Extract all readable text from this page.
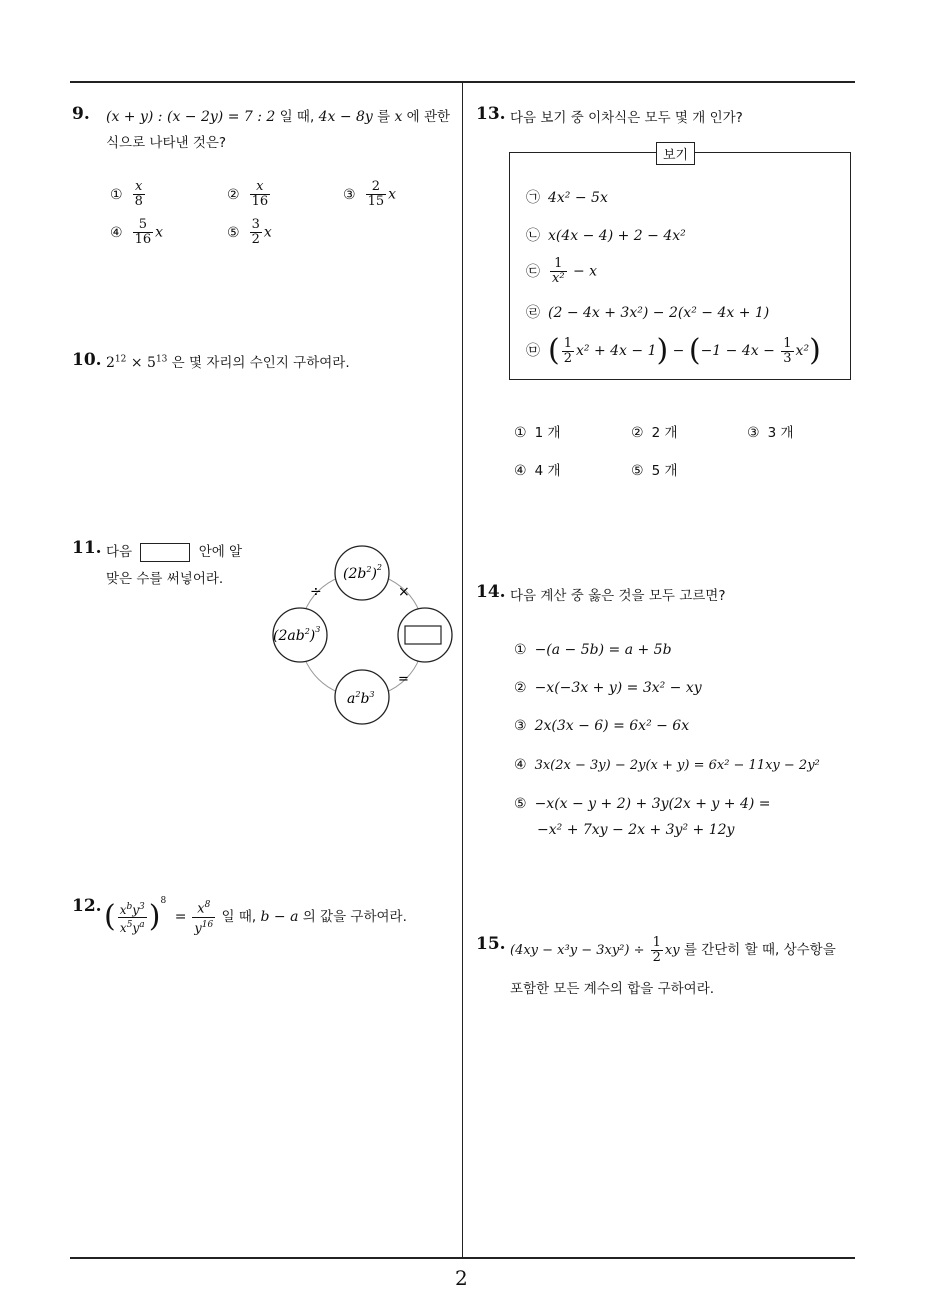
2
9. (x + y) : (x − 2y) = 7 : 2 일 때, 4x − 8y 를 x 에 관한
식으로 나타낸 것은?
① $\frac{x}{8}$	② $\frac{x}{16}$	③ $\frac{2}{15}$ x
④ $\frac{5}{16}$ x	⑤ $\frac{3}{2}$ x
10. $2^{12} \times 5^{13}$ 은 몇 자리의 수인지 구하여라.
11. 다음	안에 알
맞은 수를 써넣어라.	$(2b^2)^2$
$(2ab^2)^3$
$a^2b^3$
÷	×
=
12. ( $\frac{x^by^3}{x^5y^a} )^8 = \frac{x^8}{y^{16}}$ 일 때, b − a 의 값을 구하여라.
13. 다음 보기 중 이차식은 모두 몇 개 인가?
보기
㉠ 4x² − 5x
㉡ x(4x − 4) + 2 − 4x²
㉢ $\frac{1}{\text{x²}} - x$
㉣ (2 − 4x + 3x²) − 2(x² − 4x + 1)
㉤ ( $\frac{1}{2} x^2 + 4x - 1) - (-1 - 4x - \frac{1}{3} x^2)$
① 1 개	② 2 개	③ 3 개
④ 4 개	⑤ 5 개
14. 다음 계산 중 옳은 것을 모두 고르면?
① −(a − 5b) = a + 5b
② −x(−3x + y) = 3x² − xy
③ 2x(3x − 6) = 6x² − 6x
④ 3x(2x − 3y) − 2y(x + y) = 6x² − 11xy − 2y²
⑤ −x(x − y + 2) + 3y(2x + y + 4) =
−x² + 7xy − 2x + 3y² + 12y
15. $(4xy - x^3y - 3xy^2) \div \frac{1}{2}$ xy 를 간단히 할 때, 상수항을
포함한 모든 계수의 합을 구하여라.
